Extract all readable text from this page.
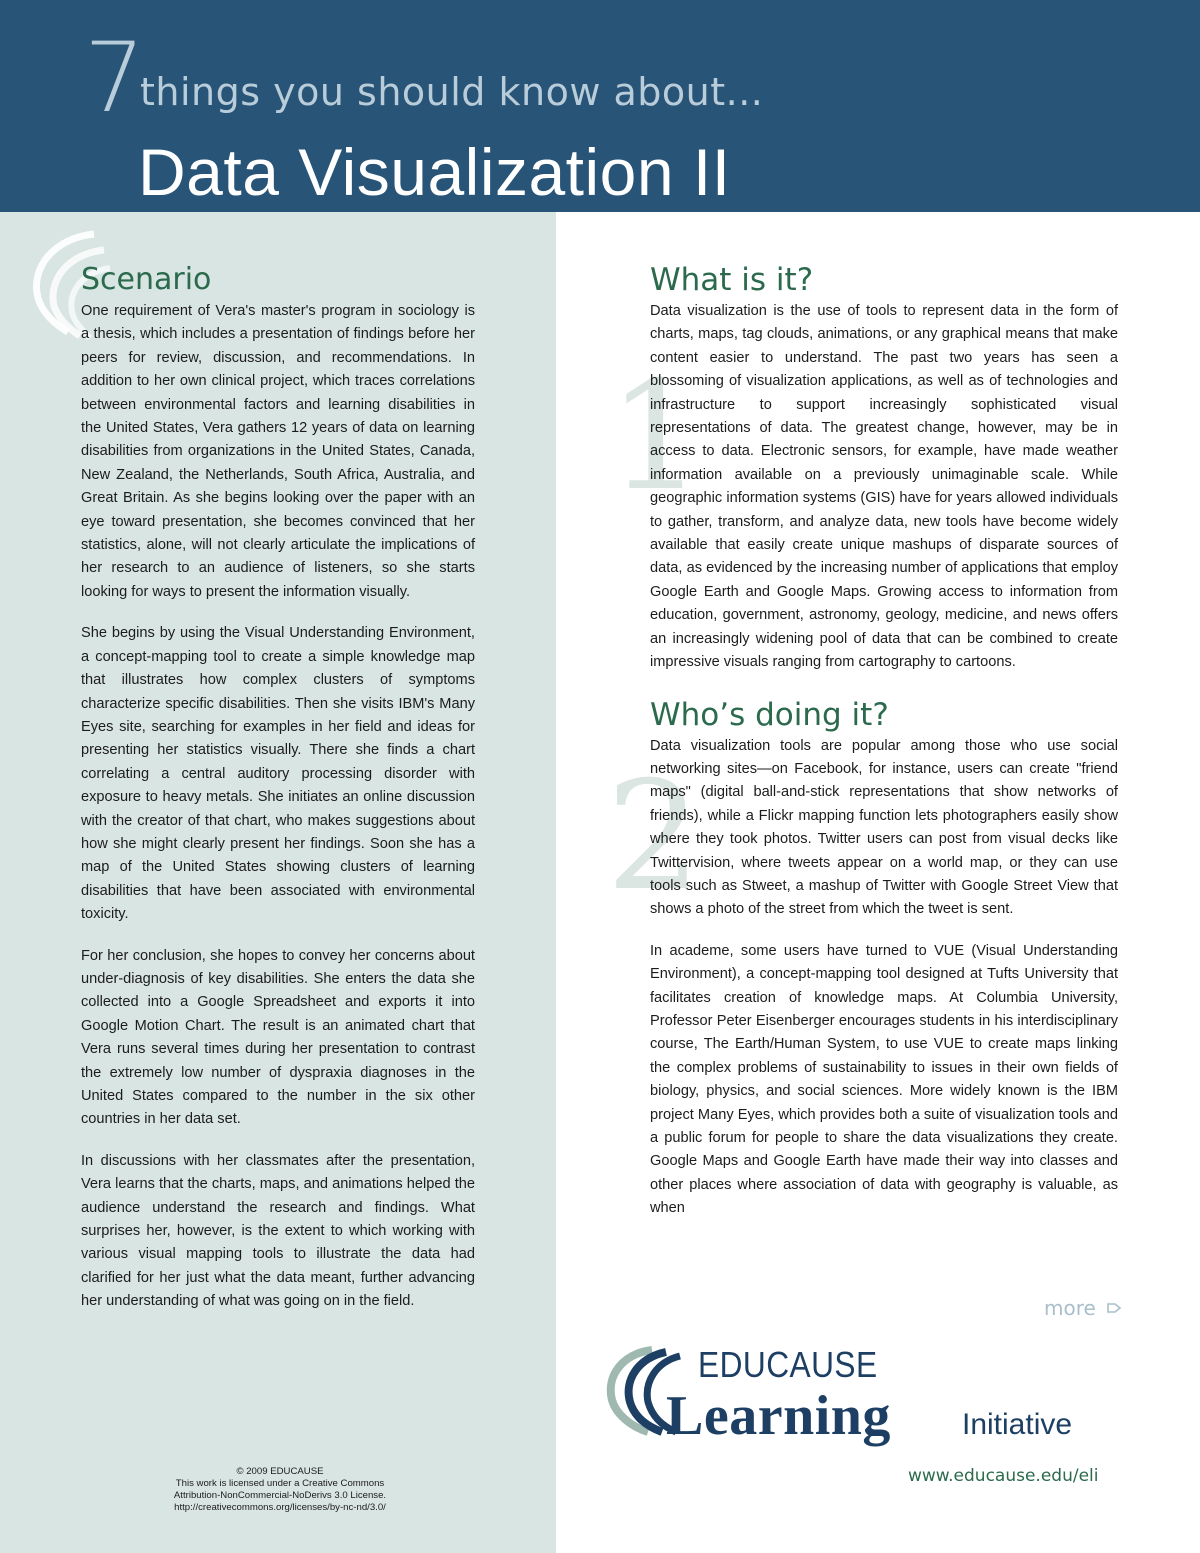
7
things you should know about...
Data Visualization II
1
2
Scenario

One requirement of Vera's master's program in sociology is a thesis, which includes a presentation of findings before her peers for review, discussion, and recommendations. In addition to her own clinical project, which traces correlations between environmental factors and learning disabilities in the United States, Vera gathers 12 years of data on learning disabilities from organizations in the United States, Canada, New Zealand, the Netherlands, South Africa, Australia, and Great Britain. As she begins looking over the paper with an eye toward presentation, she becomes convinced that her statistics, alone, will not clearly articulate the implications of her research to an audience of listeners, so she starts looking for ways to present the information visually.

She begins by using the Visual Understanding Environment, a concept-mapping tool to create a simple knowledge map that illustrates how complex clusters of symptoms characterize specific disabilities. Then she visits IBM's Many Eyes site, searching for examples in her field and ideas for presenting her statistics visually. There she finds a chart correlating a central auditory processing disorder with exposure to heavy metals. She initiates an online discussion with the creator of that chart, who makes suggestions about how she might clearly present her findings. Soon she has a map of the United States showing clusters of learning disabilities that have been associated with environmental toxicity.

For her conclusion, she hopes to convey her concerns about under-diagnosis of key disabilities. She enters the data she collected into a Google Spreadsheet and exports it into Google Motion Chart. The result is an animated chart that Vera runs several times during her presentation to contrast the extremely low number of dyspraxia diagnoses in the United States compared to the number in the six other countries in her data set.

In discussions with her classmates after the presentation, Vera learns that the charts, maps, and animations helped the audience understand the research and findings. What surprises her, however, is the extent to which working with various visual mapping tools to illustrate the data had clarified for her just what the data meant, further advancing her understanding of what was going on in the field.

What is it?

Data visualization is the use of tools to represent data in the form of charts, maps, tag clouds, animations, or any graphical means that make content easier to understand. The past two years has seen a blossoming of visualization applications, as well as of technologies and infrastructure to support increasingly sophisticated visual representations of data. The greatest change, however, may be in access to data. Electronic sensors, for example, have made weather information available on a previously unimaginable scale. While geographic information systems (GIS) have for years allowed individuals to gather, transform, and analyze data, new tools have become widely available that easily create unique mashups of disparate sources of data, as evidenced by the increasing number of applications that employ Google Earth and Google Maps. Growing access to information from education, government, astronomy, geology, medicine, and news offers an increasingly widening pool of data that can be combined to create impressive visuals ranging from cartography to cartoons.

Who’s doing it?

Data visualization tools are popular among those who use social networking sites—on Facebook, for instance, users can create "friend maps" (digital ball-and-stick representations that show networks of friends), while a Flickr mapping function lets photographers easily show where they took photos. Twitter users can post from visual decks like Twittervision, where tweets appear on a world map, or they can use tools such as Stweet, a mashup of Twitter with Google Street View that shows a photo of the street from which the tweet is sent.

In academe, some users have turned to VUE (Visual Understanding Environment), a concept-mapping tool designed at Tufts University that facilitates creation of knowledge maps. At Columbia University, Professor Peter Eisenberger encourages students in his interdisciplinary course, The Earth/Human System, to use VUE to create maps linking the complex problems of sustainability to issues in their own fields of biology, physics, and social sciences. More widely known is the IBM project Many Eyes, which provides both a suite of visualization tools and a public forum for people to share the data visualizations they create. Google Maps and Google Earth have made their way into classes and other places where association of data with geography is valuable, as when

more
EDUCAUSE
Learning Initiative
www.educause.edu/eli
© 2009 EDUCAUSE
This work is licensed under a Creative Commons
Attribution-NonCommercial-NoDerivs 3.0 License.
http://creativecommons.org/licenses/by-nc-nd/3.0/
